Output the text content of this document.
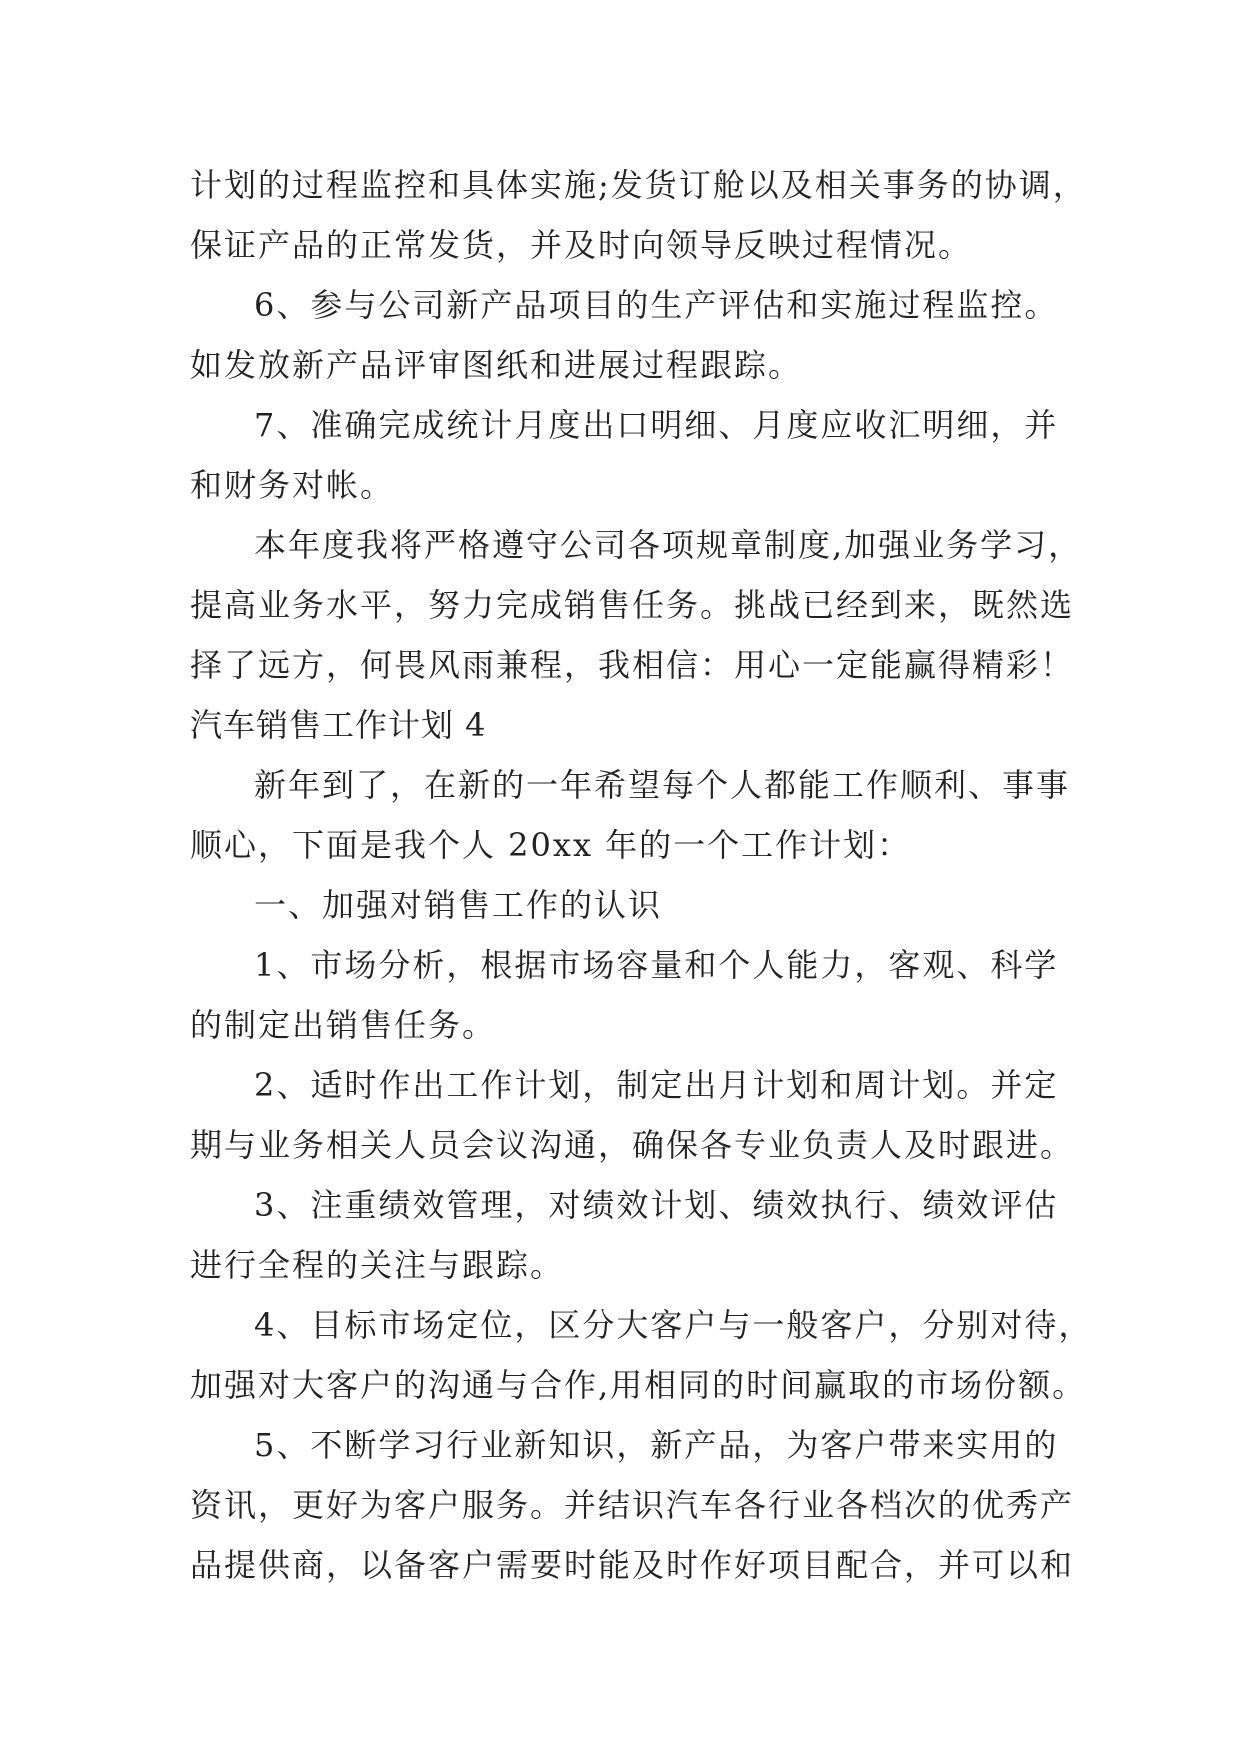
计划的过程监控和具体实施;发货订舱以及相关事务的协调，
保证产品的正常发货，并及时向领导反映过程情况。
6、参与公司新产品项目的生产评估和实施过程监控。
如发放新产品评审图纸和进展过程跟踪。
7、准确完成统计月度出口明细、月度应收汇明细，并
和财务对帐。
本年度我将严格遵守公司各项规章制度,加强业务学习，
提高业务水平，努力完成销售任务。挑战已经到来，既然选
择了远方，何畏风雨兼程，我相信：用心一定能赢得精彩！
汽车销售工作计划 4
新年到了，在新的一年希望每个人都能工作顺利、事事
顺心，下面是我个人 20xx 年的一个工作计划：
一、加强对销售工作的认识
1、市场分析，根据市场容量和个人能力，客观、科学
的制定出销售任务。
2、适时作出工作计划，制定出月计划和周计划。并定
期与业务相关人员会议沟通，确保各专业负责人及时跟进。
3、注重绩效管理，对绩效计划、绩效执行、绩效评估
进行全程的关注与跟踪。
4、目标市场定位，区分大客户与一般客户，分别对待，
加强对大客户的沟通与合作,用相同的时间赢取的市场份额。
5、不断学习行业新知识，新产品，为客户带来实用的
资讯，更好为客户服务。并结识汽车各行业各档次的优秀产
品提供商，以备客户需要时能及时作好项目配合，并可以和
